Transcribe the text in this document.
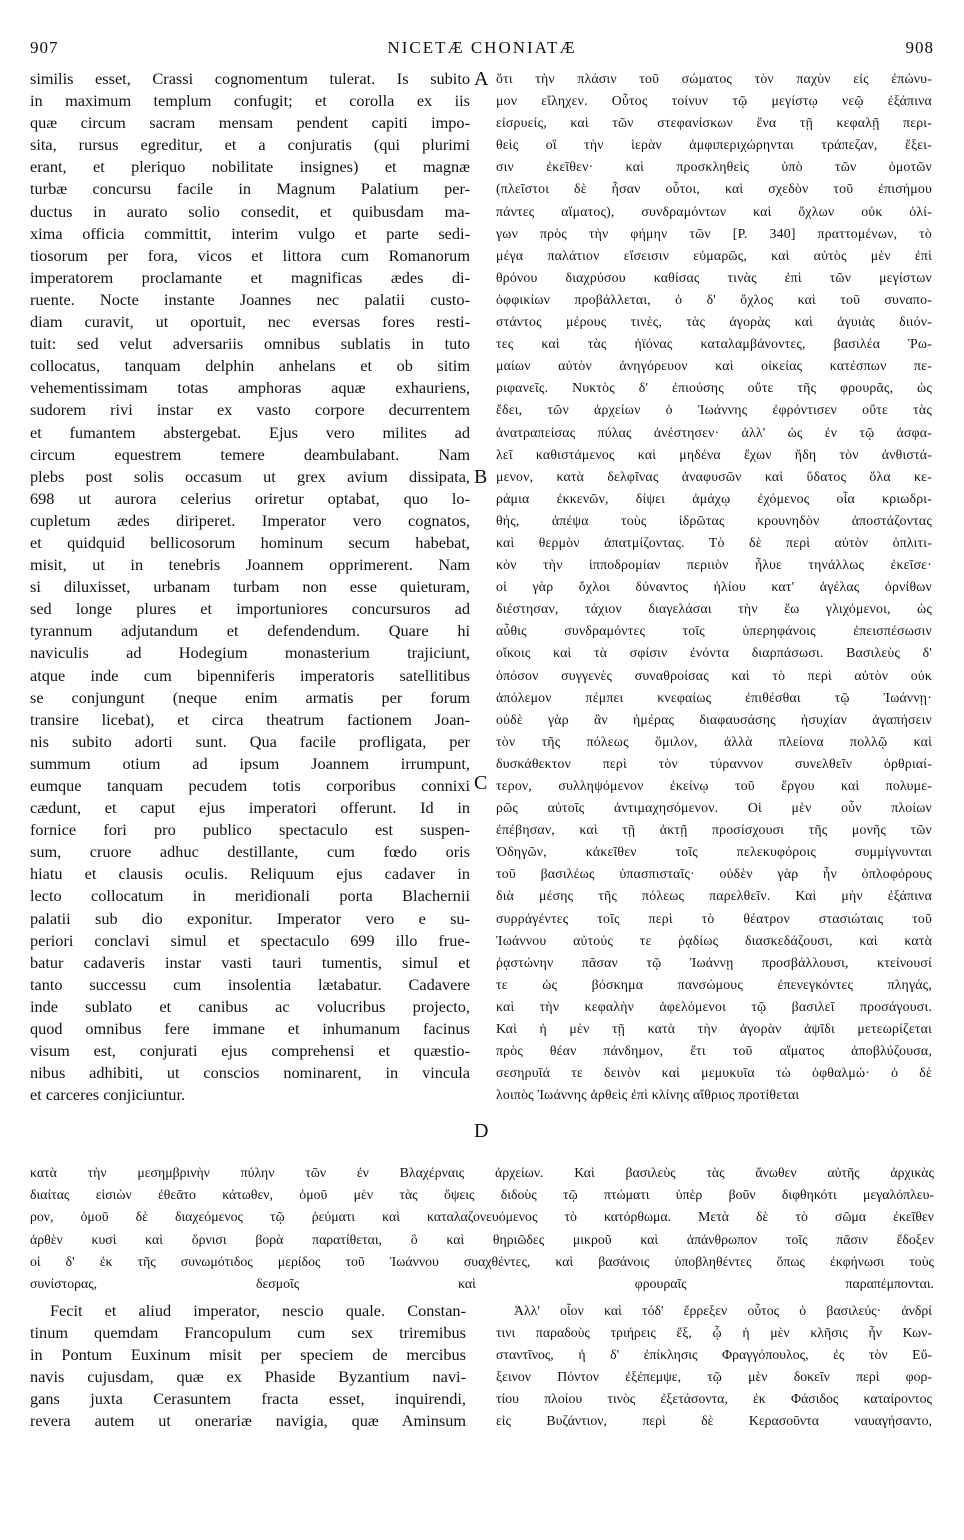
907	NICETÆ CHONIATÆ	908
similis esset, Crassi cognomentum tulerat. Is subito
in maximum templum confugit; et corolla ex iis
quæ circum sacram mensam pendent capiti impo-
sita, rursus egreditur, et a conjuratis (qui plurimi
erant, et pleriquo nobilitate insignes) et magnæ
turbæ concursu facile in Magnum Palatium per-
ductus in aurato solio consedit, et quibusdam ma-
xima officia committit, interim vulgo et parte sedi-
tiosorum per fora, vicos et littora cum Romanorum
imperatorem proclamante et magnificas ædes di-
ruente. Nocte instante Joannes nec palatii custo-
diam curavit, ut oportuit, nec eversas fores resti-
tuit: sed velut adversariis omnibus sublatis in tuto
collocatus, tanquam delphin anhelans et ob sitim
vehementissimam totas amphoras aquæ exhauriens,
sudorem rivi instar ex vasto corpore decurrentem
et fumantem abstergebat. Ejus vero milites ad
circum equestrem temere deambulabant. Nam
plebs post solis occasum ut grex avium dissipata,
698 ut aurora celerius oriretur optabat, quo lo-
cupletum ædes diriperet. Imperator vero cognatos,
et quidquid bellicosorum hominum secum habebat,
misit, ut in tenebris Joannem opprimerent. Nam
si diluxisset, urbanam turbam non esse quieturam,
sed longe plures et importuniores concursuros ad
tyrannum adjutandum et defendendum. Quare hi
naviculis ad Hodegium monasterium trajiciunt,
atque inde cum bipenniferis imperatoris satellitibus
se conjungunt (neque enim armatis per forum
transire licebat), et circa theatrum factionem Joan-
nis subito adorti sunt. Qua facile profligata, per
summum otium ad ipsum Joannem irrumpunt,
eumque tanquam pecudem totis corporibus connixi
cædunt, et caput ejus imperatori offerunt. Id in
fornice fori pro publico spectaculo est suspen-
sum, cruore adhuc destillante, cum fœdo oris
hiatu et clausis oculis. Reliquum ejus cadaver in
lecto collocatum in meridionali porta Blachernii
palatii sub dio exponitur. Imperator vero e su-
periori conclavi simul et spectaculo 699 illo frue-
batur cadaveris instar vasti tauri tumentis, simul et
tanto successu cum insolentia lætabatur. Cadavere
inde sublato et canibus ac volucribus projecto,
quod omnibus fere immane et inhumanum facinus
visum est, conjurati ejus comprehensi et quæstio-
nibus adhibiti, ut conscios nominarent, in vincula
et carceres conjiciuntur.
ὅτι τὴν πλάσιν τοῦ σώματος τὸν παχὺν εἰς ἐπώνυ-
μον εἴληχεν. Οὗτος τοίνυν τῷ μεγίστῳ νεῷ ἐξάπινα
εἰσρυείς, καὶ τῶν στεφανίσκων ἕνα τῇ κεφαλῇ περι-
θεὶς οἳ τὴν ἱερὰν ἀμφιπεριχώρηνται τράπεζαν, ἔξει-
σιν ἐκεῖθεν· καὶ προσκληθεὶς ὑπὸ τῶν ὁμοτῶν
(πλεῖστοι δὲ ἦσαν οὗτοι, καὶ σχεδὸν τοῦ ἐπισήμου
πάντες αἵματος), συνδραμόντων καὶ ὄχλων οὐκ ὀλί-
γων πρὸς τὴν φήμην τῶν [P. 340] πραττομένων, τὸ
μέγα παλάτιον εἴσεισιν εὐμαρῶς, καὶ αὐτὸς μὲν ἐπὶ
θρόνου διαχρύσου καθίσας τινὰς ἐπὶ τῶν μεγίστων
ὀφφικίων προβάλλεται, ὁ δ' ὄχλος καὶ τοῦ συναπο-
στάντος μέρους τινὲς, τὰς ἀγορὰς καὶ ἀγυιὰς διιόν-
τες καὶ τὰς ἠϊόνας καταλαμβάνοντες, βασιλέα Ῥω-
μαίων αὐτὸν ἀνηγόρευον καὶ οἰκείας κατέσπων πε-
ριφανεῖς. Νυκτὸς δ' ἐπιούσης οὔτε τῆς φρουρᾶς, ὡς
ἔδει, τῶν ἀρχείων ὁ Ἰωάννης ἐφρόντισεν οὔτε τὰς
ἀνατραπείσας πύλας ἀνέστησεν· ἀλλ' ὡς ἐν τῷ ἀσφα-
λεῖ καθιστάμενος καὶ μηδένα ἔχων ἤδη τὸν ἀνθιστά-
μενον, κατὰ δελφῖνας ἀναφυσῶν καὶ ὕδατος ὅλα κε-
ράμια ἐκκενῶν, δίψει ἀμάχῳ ἐχόμενος οἷα κριωδρι-
θής, ἀπέψα τοὺς ἱδρῶτας κρουνηδὸν ἀποστάζοντας
καὶ θερμὸν ἀπατμίζοντας. Τὸ δὲ περὶ αὐτὸν ὁπλιτι-
κὸν τὴν ἱπποδρομίαν περιιὸν ἦλυε τηνάλλως ἐκεῖσε·
οἱ γὰρ ὄχλοι δύναντος ἡλίου κατ' ἀγέλας ὀρνίθων
διέστησαν, τάχιον διαγελάσαι τὴν ἕω γλιχόμενοι, ὡς
αὖθις συνδραμόντες τοῖς ὑπερηφάνοις ἐπεισπέσωσιν
οἴκοις καὶ τὰ σφίσιν ἐνόντα διαρπάσωσι. Βασιλεὺς δ'
ὁπόσον συγγενὲς συναθροίσας καὶ τὸ περὶ αὐτὸν οὐκ
ἀπόλεμον πέμπει κνεφαίως ἐπιθέσθαι τῷ Ἰωάννῃ·
οὐδὲ γὰρ ἂν ἡμέρας διαφαυσάσης ἡσυχίαν ἀγαπήσειν
τὸν τῆς πόλεως ὅμιλον, ἀλλὰ πλείονα πολλῷ καὶ
δυσκάθεκτον περὶ τὸν τύραννον συνελθεῖν ὀρθριαί-
τερον, συλληψόμενον ἐκείνῳ τοῦ ἔργου καὶ πολυμε-
ρῶς αὐτοῖς ἀντιμαχησόμενον. Οἱ μὲν οὖν πλοίων
ἐπέβησαν, καὶ τῇ ἀκτῇ προσίσχουσι τῆς μονῆς τῶν
Ὁδηγῶν, κἀκεῖθεν τοῖς πελεκυφόροις συμμίγνυνται
τοῦ βασιλέως ὑπασπισταῖς· οὐδὲν γὰρ ἦν ὁπλοφόρους
διὰ μέσης τῆς πόλεως παρελθεῖν. Καὶ μὴν ἐξάπινα
συρράγέντες τοῖς περὶ τὸ θέατρον στασιώταις τοῦ
Ἰωάννου αὐτούς τε ῥᾳδίως διασκεδάζουσι, καὶ κατὰ
ῥᾳστώνην πᾶσαν τῷ Ἰωάννῃ προσβάλλουσι, κτείνουσί
τε ὡς βόσκημα πανσώμους ἐπενεγκόντες πληγάς,
καὶ τὴν κεφαλὴν ἀφελόμενοι τῷ βασιλεῖ προσάγουσι.
Καὶ ἡ μὲν τῇ κατὰ τὴν ἀγορὰν ἀψῖδι μετεωρίζεται
πρὸς θέαν πάνδημον, ἔτι τοῦ αἵματος ἀποβλύζουσα,
σεσηρυῖά τε δεινὸν καὶ μεμυκυῖα τὼ ὀφθαλμώ· ὁ δὲ
λοιπὸς Ἰωάννης ἀρθεὶς ἐπὶ κλίνης αἴθριος προτίθεται
A
B
C
D
κατὰ τὴν μεσημβρινὴν πύλην τῶν ἐν Βλαχέρναις ἀρχείων. Καὶ βασιλεὺς τὰς ἄνωθεν αὐτῆς ἀρχικὰς
διαίτας εἰσιὼν ἐθεᾶτο κάτωθεν, ὁμοῦ μὲν τὰς ὄψεις διδοὺς τῷ πτώματι ὑπὲρ βοῦν διφθηκότι μεγαλόπλευ-
ρον, ὁμοῦ δὲ διαχεόμενος τῷ ῥεύματι καὶ καταλαζονευόμενος τὸ κατόρθωμα. Μετὰ δὲ τὸ σῶμα ἐκεῖθεν
ἀρθὲν κυσὶ καὶ ὄρνισι βορὰ παρατίθεται, ὃ καὶ θηριῶδες μικροῦ καὶ ἀπάνθρωπον τοῖς πᾶσιν ἔδοξεν
οἱ δ' ἐκ τῆς συνωμότιδος μερίδος τοῦ Ἰωάννου συαχθέντες, καὶ βασάνοις ὑποβληθέντες ὅπως ἐκφήνωσι τοὺς
συνίστορας, δεσμοῖς καὶ φρουραῖς παραπέμπονται.
Fecit et aliud imperator, nescio quale. Constan-
tinum quemdam Francopulum cum sex triremibus
in Pontum Euxinum misit per speciem de mercibus
navis cujusdam, quæ ex Phaside Byzantium navi-
gans juxta Cerasuntem fracta esset, inquirendi,
revera autem ut onerariæ navigia, quæ Aminsum
Ἀλλ' οἷον καὶ τόδ' ἔρρεξεν οὗτος ὁ βασιλεύς· ἀνδρί
τινι παραδοὺς τριήρεις ἕξ, ᾧ ἡ μὲν κλῆσις ἦν Κων-
σταντῖνος, ἡ δ' ἐπίκλησις Φραγγόπουλος, ἐς τὸν Εὔ-
ξεινον Πόντον ἐξέπεμψε, τῷ μὲν δοκεῖν περὶ φορ-
τίου πλοίου τινὸς ἐξετάσοντα, ἐκ Φάσιδος καταίροντος
εἰς Βυζάντιον, περὶ δὲ Κερασοῦντα ναυαγήσαντο,
